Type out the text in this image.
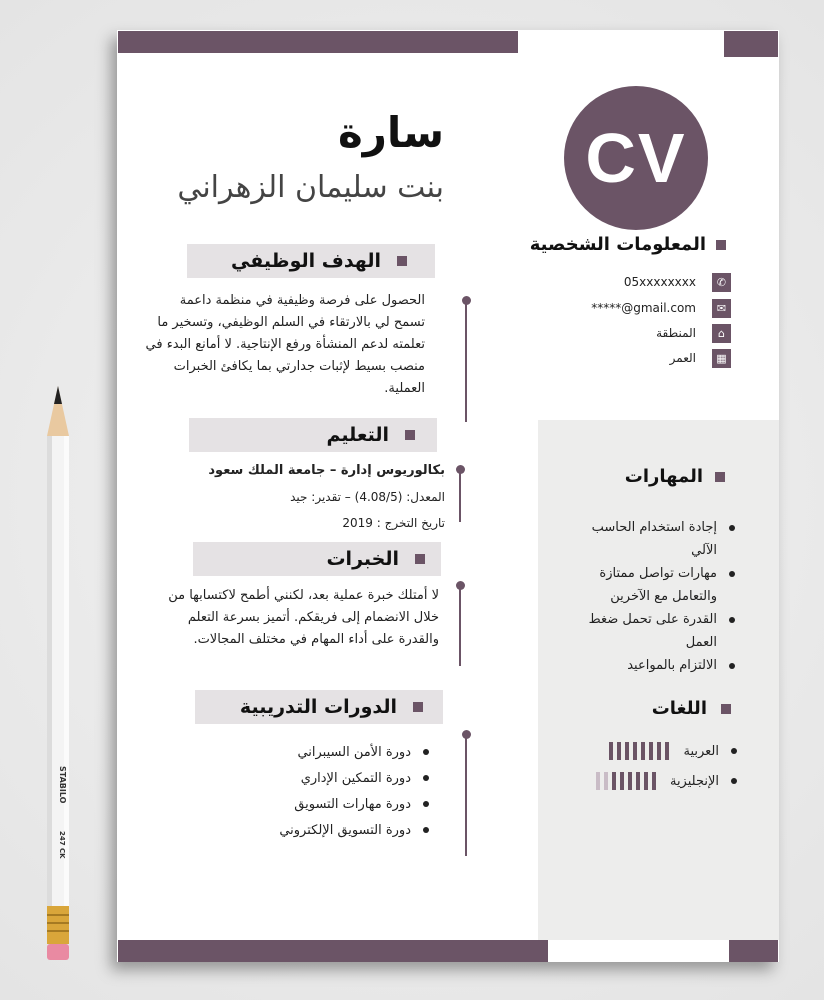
STABILO
247 CK
CV
سارة
بنت سليمان الزهراني
المعلومات الشخصية
05xxxxxxxx	✆
*****@gmail.com	✉
المنطقة	⌂
العمر	▦
الهدف الوظيفي
الحصول على فرصة وظيفية في منظمة داعمة تسمح لي بالارتقاء في السلم الوظيفي، وتسخير ما تعلمته لدعم المنشأة ورفع الإنتاجية. لا أمانع البدء في منصب بسيط لإثبات جدارتي بما يكافئ الخبرات العملية.
التعليم
بكالوريوس إدارة – جامعة الملك سعود
المعدل: (4.08/5) – تقدير: جيد
تاريخ التخرج : 2019
الخبرات
لا أمتلك خبرة عملية بعد، لكنني أطمح لاكتسابها من خلال الانضمام إلى فريقكم. أتميز بسرعة التعلم والقدرة على أداء المهام في مختلف المجالات.
الدورات التدريبية
دورة الأمن السيبراني
دورة التمكين الإداري
دورة مهارات التسويق
دورة التسويق الإلكتروني
المهارات
إجادة استخدام الحاسب الآلي
مهارات تواصل ممتازة والتعامل مع الآخرين
القدرة على تحمل ضغط العمل
الالتزام بالمواعيد
اللغات
العربية
الإنجليزية
